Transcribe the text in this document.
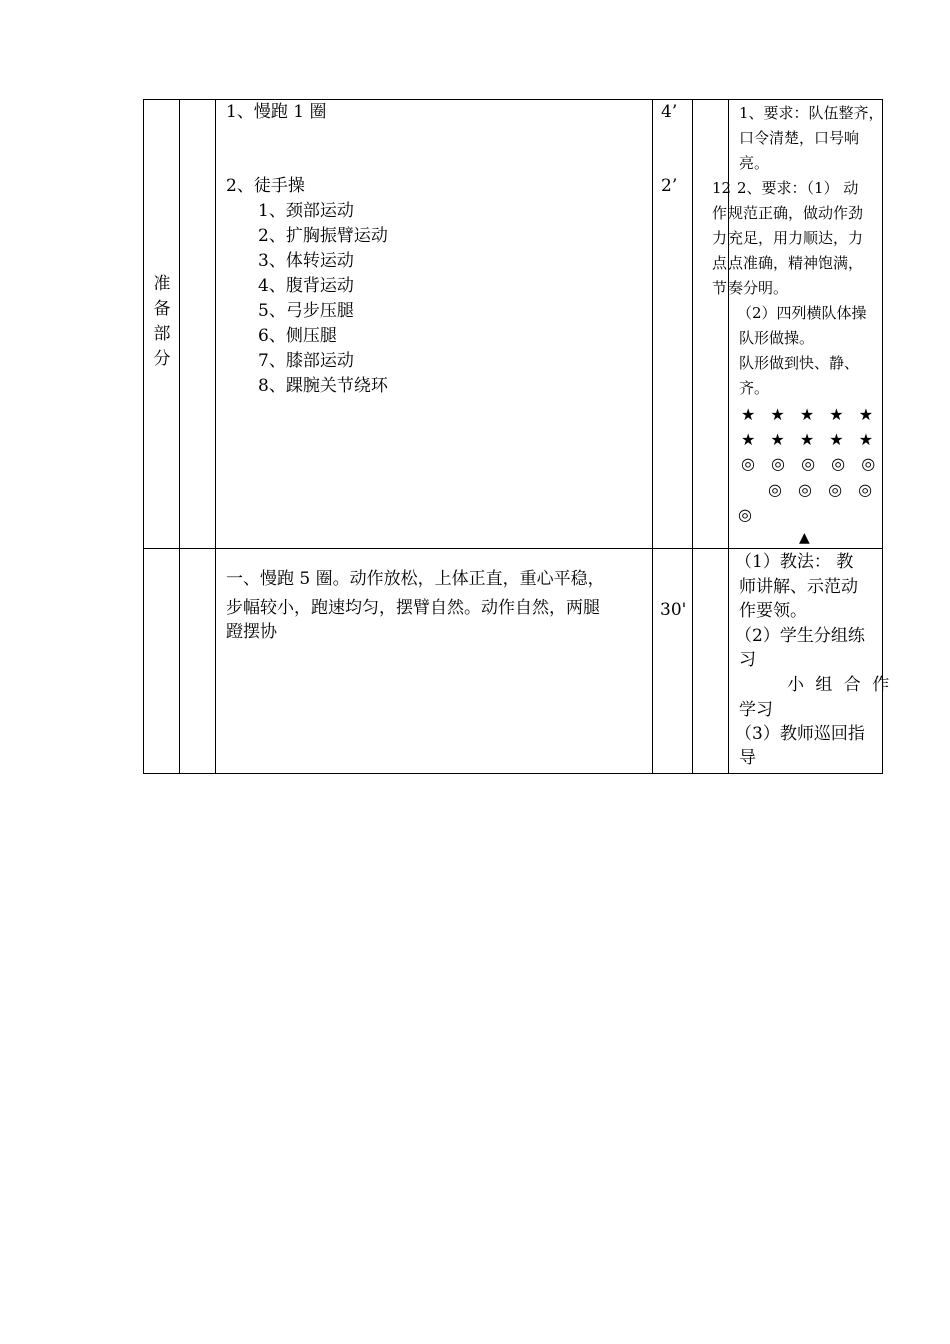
准
备
部
分
1、慢跑 1 圈
2、徒手操
1、颈部运动
2、扩胸振臂运动
3、体转运动
4、腹背运动
5、弓步压腿
6、侧压腿
7、膝部运动
8、踝腕关节绕环
4’
2’ 12
作
力
点
节
1、要求：队伍整齐，
口令清楚，口号响
亮。
2、要求：（1） 动
规范正确，做动作劲
充足，用力顺达，力
点准确，精神饱满，
奏分明。
（2）四列横队体操
队形做操。
队形做到快、静、
齐。
★ ★ ★ ★ ★
★ ★ ★ ★ ★
◎ ◎ ◎ ◎ ◎
◎ ◎ ◎ ◎
◎
▲
一、慢跑 5 圈。动作放松，上体正直，重心平稳，
步幅较小，跑速均匀，摆臂自然。动作自然，两腿
蹬摆协
30'
（1）教法： 教
师讲解、示范动
作要领。
（2）学生分组练
习
小 组 合 作
学习
（3）教师巡回指
导
